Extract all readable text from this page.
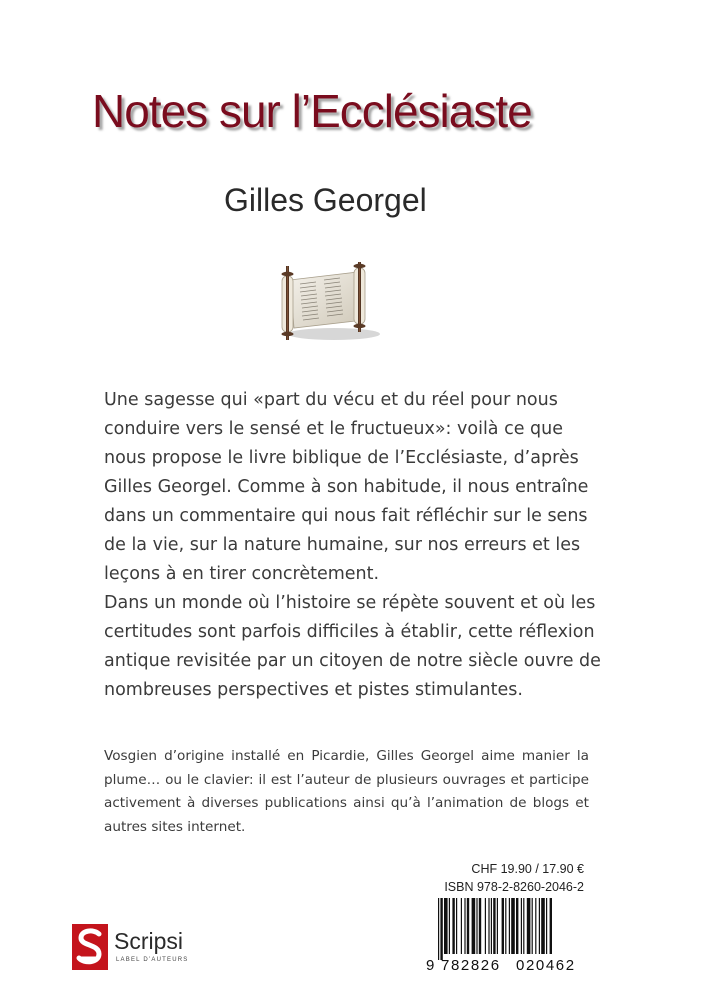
Notes sur l’Ecclésiaste
Gilles Georgel

Une sagesse qui «part du vécu et du réel pour nous conduire vers le sensé et le fructueux»: voilà ce que nous propose le livre biblique de l’Ecclésiaste, d’après Gilles Georgel. Comme à son habitude, il nous entraîne dans un commentaire qui nous fait réfléchir sur le sens de la vie, sur la nature humaine, sur nos erreurs et les leçons à en tirer concrètement.

Dans un monde où l’histoire se répète souvent et où les certitudes sont parfois difficiles à établir, cette réflexion antique revisitée par un citoyen de notre siècle ouvre de nombreuses perspectives et pistes stimulantes.

Vosgien d’origine installé en Picardie, Gilles Georgel aime manier la plume… ou le clavier: il est l’auteur de plusieurs ouvrages et participe activement à diverses publications ainsi qu’à l’animation de blogs et autres sites internet.
CHF 19.90 / 17.90 €
ISBN 978-2-8260-2046-2
9 782826 020462
Scripsi
LABEL D’AUTEURS
